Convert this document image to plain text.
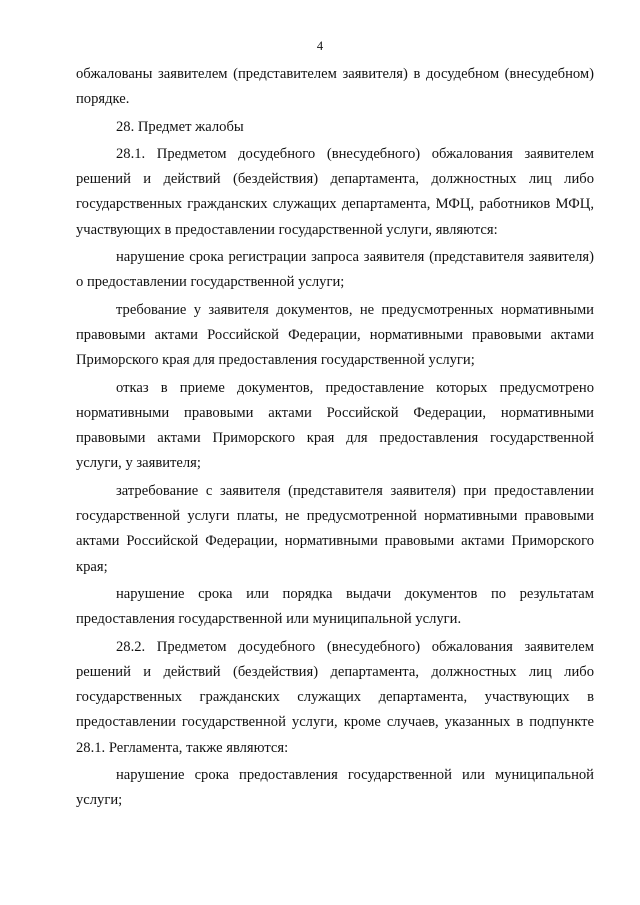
4

обжалованы заявителем (представителем заявителя) в досудебном (внесудебном) порядке.

28. Предмет жалобы

28.1. Предметом досудебного (внесудебного) обжалования заявителем решений и действий (бездействия) департамента, должностных лиц либо государственных гражданских служащих департамента, МФЦ, работников МФЦ, участвующих в предоставлении государственной услуги, являются:

нарушение срока регистрации запроса заявителя (представителя заявителя) о предоставлении государственной услуги;

требование у заявителя документов, не предусмотренных нормативными правовыми актами Российской Федерации, нормативными правовыми актами Приморского края для предоставления государственной услуги;

отказ в приеме документов, предоставление которых предусмотрено нормативными правовыми актами Российской Федерации, нормативными правовыми актами Приморского края для предоставления государственной услуги, у заявителя;

затребование с заявителя (представителя заявителя) при предоставлении государственной услуги платы, не предусмотренной нормативными правовыми актами Российской Федерации, нормативными правовыми актами Приморского края;

нарушение срока или порядка выдачи документов по результатам предоставления государственной или муниципальной услуги.

28.2. Предметом досудебного (внесудебного) обжалования заявителем решений и действий (бездействия) департамента, должностных лиц либо государственных гражданских служащих департамента, участвующих в предоставлении государственной услуги, кроме случаев, указанных в подпункте 28.1. Регламента, также являются:

нарушение срока предоставления государственной или муниципальной услуги;
